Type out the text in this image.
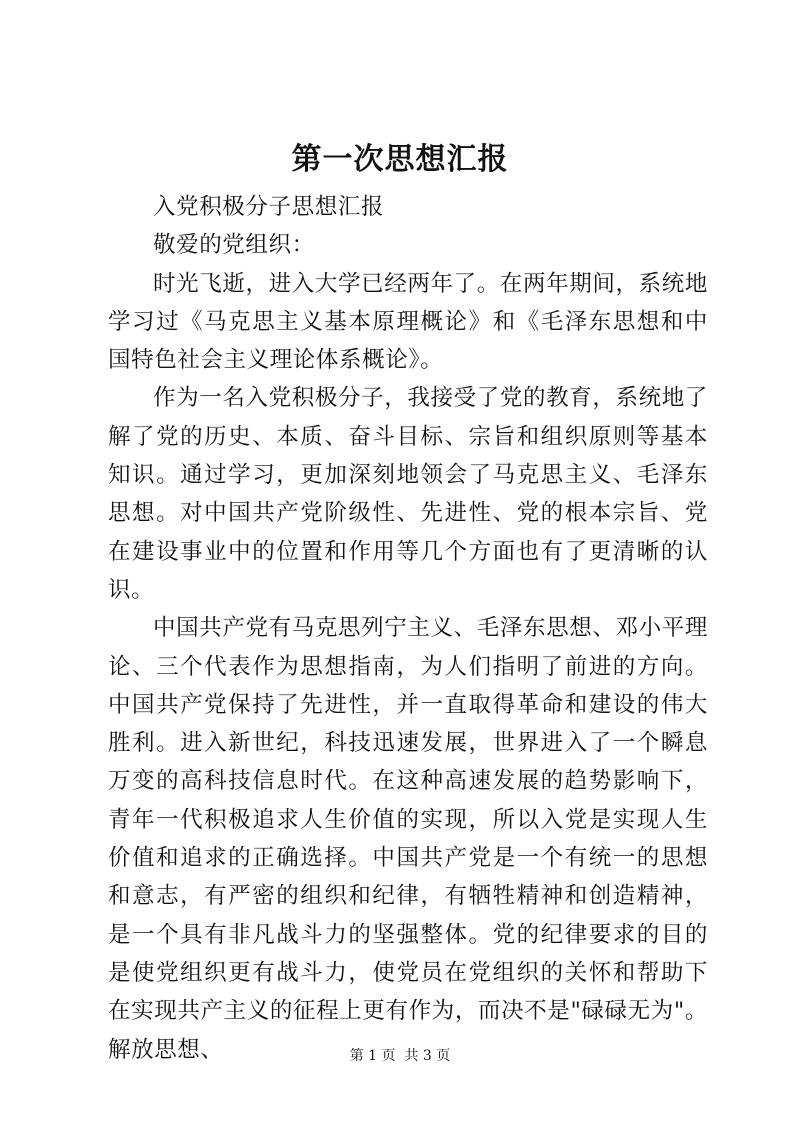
第一次思想汇报

入党积极分子思想汇报

敬爱的党组织：

时光飞逝，进入大学已经两年了。在两年期间，系统地学习过《马克思主义基本原理概论》和《毛泽东思想和中国特色社会主义理论体系概论》。

作为一名入党积极分子，我接受了党的教育，系统地了解了党的历史、本质、奋斗目标、宗旨和组织原则等基本知识。通过学习，更加深刻地领会了马克思主义、毛泽东思想。对中国共产党阶级性、先进性、党的根本宗旨、党在建设事业中的位置和作用等几个方面也有了更清晰的认识。

中国共产党有马克思列宁主义、毛泽东思想、邓小平理论、三个代表作为思想指南，为人们指明了前进的方向。中国共产党保持了先进性，并一直取得革命和建设的伟大胜利。进入新世纪，科技迅速发展，世界进入了一个瞬息万变的高科技信息时代。在这种高速发展的趋势影响下，青年一代积极追求人生价值的实现，所以入党是实现人生价值和追求的正确选择。中国共产党是一个有统一的思想和意志，有严密的组织和纪律，有牺牲精神和创造精神，是一个具有非凡战斗力的坚强整体。党的纪律要求的目的是使党组织更有战斗力，使党员在党组织的关怀和帮助下在实现共产主义的征程上更有作为，而决不是"碌碌无为"。解放思想、	第 1 页 共 3 页
